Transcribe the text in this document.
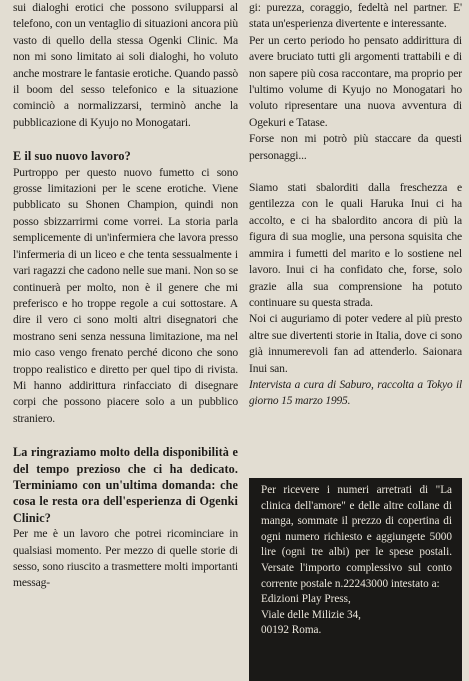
sui dialoghi erotici che possono svilupparsi al telefono, con un ventaglio di situazioni ancora più vasto di quello della stessa Ogenki Clinic. Ma non mi sono limitato ai soli dialoghi, ho voluto anche mostrare le fantasie erotiche. Quando passò il boom del sesso telefonico e la situazione cominciò a normalizzarsi, terminò anche la pubblicazione di Kyujo no Monogatari.

E il suo nuovo lavoro?

Purtroppo per questo nuovo fumetto ci sono grosse limitazioni per le scene erotiche. Viene pubblicato su Shonen Champion, quindi non posso sbizzarrirmi come vorrei. La storia parla semplicemente di un'infermiera che lavora presso l'infermeria di un liceo e che tenta sessualmente i vari ragazzi che cadono nelle sue mani. Non so se continuerà per molto, non è il genere che mi preferisco e ho troppe regole a cui sottostare. A dire il vero ci sono molti altri disegnatori che mostrano seni senza nessuna limitazione, ma nel mio caso vengo frenato perché dicono che sono troppo realistico e diretto per quel tipo di rivista. Mi hanno addirittura rinfacciato di disegnare corpi che possono piacere solo a un pubblico straniero.

La ringraziamo molto della disponibilità e del tempo prezioso che ci ha dedicato. Terminiamo con un'ultima domanda: che cosa le resta ora dell'esperienza di Ogenki Clinic?

Per me è un lavoro che potrei ricominciare in qualsiasi momento. Per mezzo di quelle storie di sesso, sono riuscito a trasmettere molti importanti messag-

gi: purezza, coraggio, fedeltà nel partner. E' stata un'esperienza divertente e interessante.

Per un certo periodo ho pensato addirittura di avere bruciato tutti gli argomenti trattabili e di non sapere più cosa raccontare, ma proprio per l'ultimo volume di Kyujo no Monogatari ho voluto ripresentare una nuova avventura di Ogekuri e Tatase.

Forse non mi potrò più staccare da questi personaggi...

Siamo stati sbalorditi dalla freschezza e gentilezza con le quali Haruka Inui ci ha accolto, e ci ha sbalordito ancora di più la figura di sua moglie, una persona squisita che ammira i fumetti del marito e lo sostiene nel lavoro. Inui ci ha confidato che, forse, solo grazie alla sua comprensione ha potuto continuare su questa strada.

Noi ci auguriamo di poter vedere al più presto altre sue divertenti storie in Italia, dove ci sono già innumerevoli fan ad attenderlo. Saionara Inui san.

Intervista a cura di Saburo, raccolta a Tokyo il giorno 15 marzo 1995.

Per ricevere i numeri arretrati di "La clinica dell'amore" e delle altre collane di manga, sommate il prezzo di copertina di ogni numero richiesto e aggiungete 5000 lire (ogni tre albi) per le spese postali. Versate l'importo complessivo sul conto corrente postale n.22243000 intestato a:

Edizioni Play Press,

Viale delle Milizie 34,

00192 Roma.
